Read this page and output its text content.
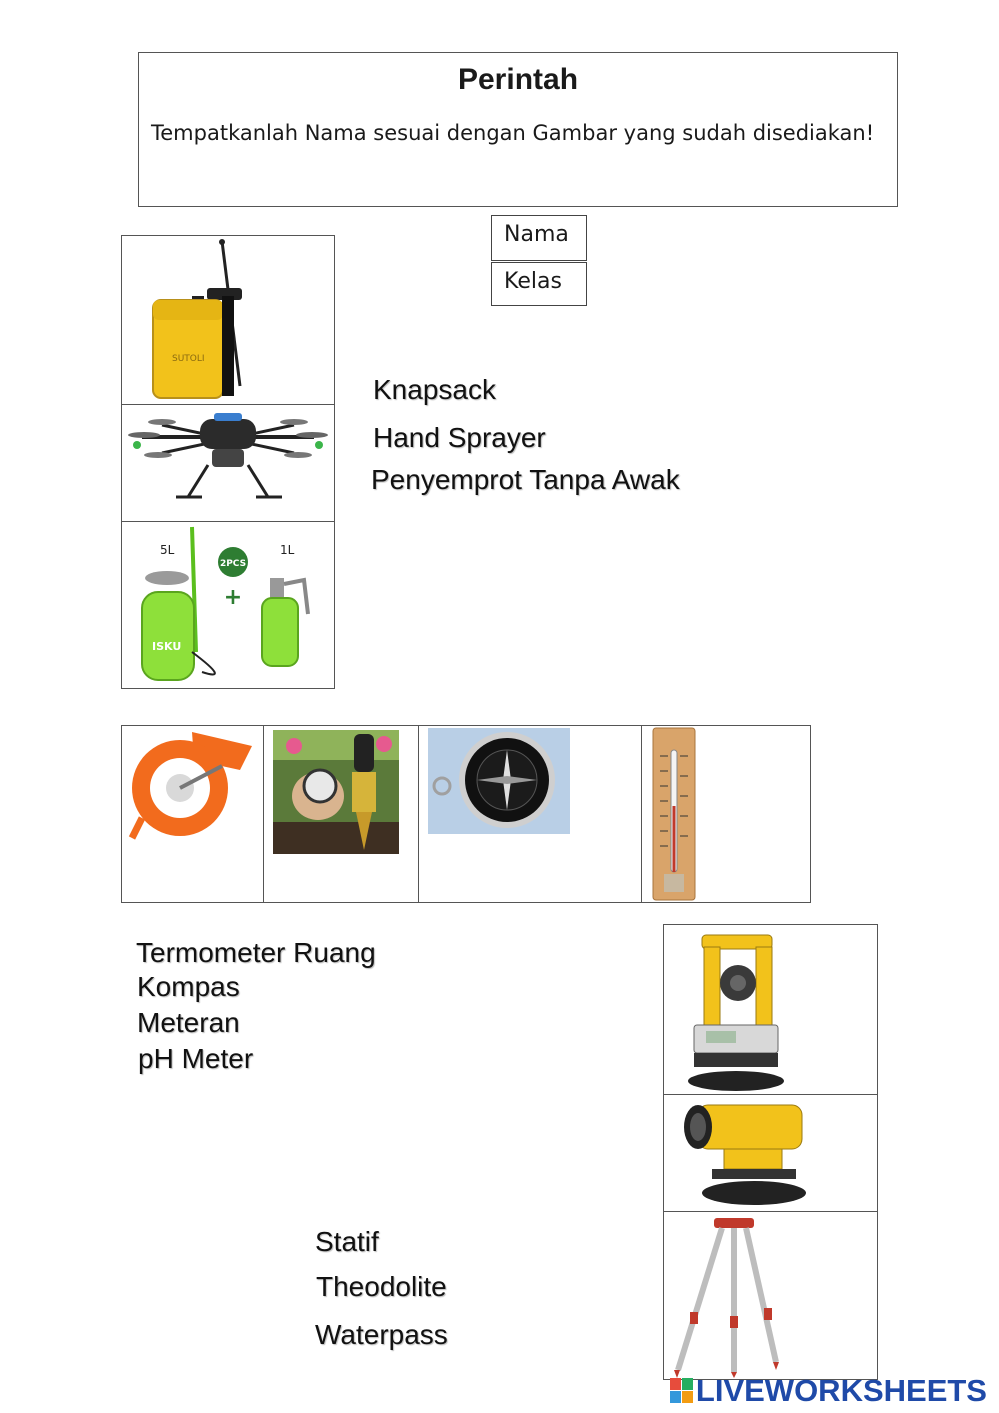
Perintah
Tempatkanlah Nama sesuai dengan Gambar yang sudah disediakan!
Nama
Kelas
SUTOLI
5L	1L
2PCS
+
ISKU
Knapsack
Hand Sprayer
Penyemprot Tanpa Awak
Termometer Ruang
Kompas
Meteran
pH Meter
Statif
Theodolite
Waterpass
LIVEWORKSHEETS
